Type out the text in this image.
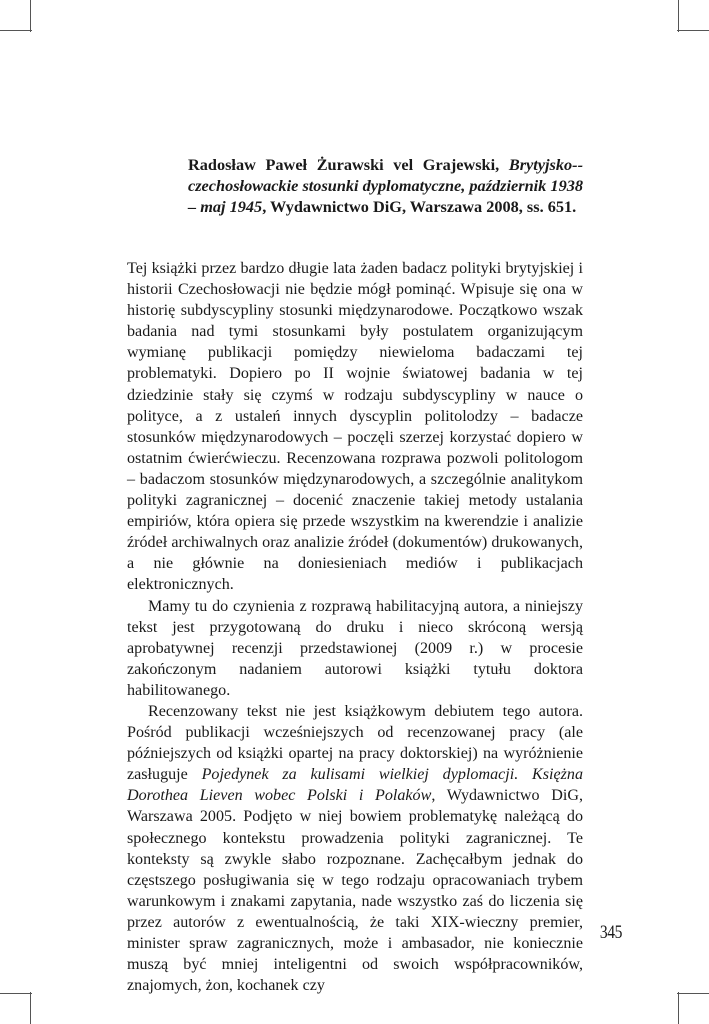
Radosław Paweł Żurawski vel Grajewski, Brytyjsko--czechosłowackie stosunki dyplomatyczne, październik 1938 – maj 1945, Wydawnictwo DiG, Warszawa 2008, ss. 651.

Tej książki przez bardzo długie lata żaden badacz polityki brytyjskiej i historii Czechosłowacji nie będzie mógł pominąć. Wpisuje się ona w historię subdyscypliny stosunki międzynarodowe. Początkowo wszak badania nad tymi stosunkami były postulatem organizującym wymianę publikacji pomiędzy niewieloma badaczami tej problematyki. Dopiero po II wojnie światowej badania w tej dziedzinie stały się czymś w rodzaju subdyscypliny w nauce o polityce, a z ustaleń innych dyscyplin politolodzy – badacze stosunków międzynarodowych – poczęli szerzej korzystać dopiero w ostatnim ćwierćwieczu. Recenzowana rozprawa pozwoli politologom – badaczom stosunków międzynarodowych, a szczególnie analitykom polityki zagranicznej – docenić znaczenie takiej metody ustalania empiriów, która opiera się przede wszystkim na kwerendzie i analizie źródeł archiwalnych oraz analizie źródeł (dokumentów) drukowanych, a nie głównie na doniesieniach mediów i publikacjach elektronicznych.

Mamy tu do czynienia z rozprawą habilitacyjną autora, a niniejszy tekst jest przygotowaną do druku i nieco skróconą wersją aprobatywnej recenzji przedstawionej (2009 r.) w procesie zakończonym nadaniem autorowi książki tytułu doktora habilitowanego.

Recenzowany tekst nie jest książkowym debiutem tego autora. Pośród publikacji wcześniejszych od recenzowanej pracy (ale późniejszych od książki opartej na pracy doktorskiej) na wyróżnienie zasługuje Pojedynek za kulisami wielkiej dyplomacji. Księżna Dorothea Lieven wobec Polski i Polaków, Wydawnictwo DiG, Warszawa 2005. Podjęto w niej bowiem problematykę należącą do społecznego kontekstu prowadzenia polityki zagranicznej. Te konteksty są zwykle słabo rozpoznane. Zachęcałbym jednak do częstszego posługiwania się w tego rodzaju opracowaniach trybem warunkowym i znakami zapytania, nade wszystko zaś do liczenia się przez autorów z ewentualnością, że taki XIX-wieczny premier, minister spraw zagranicznych, może i ambasador, nie koniecznie muszą być mniej inteligentni od swoich współpracowników, znajomych, żon, kochanek czy

345
